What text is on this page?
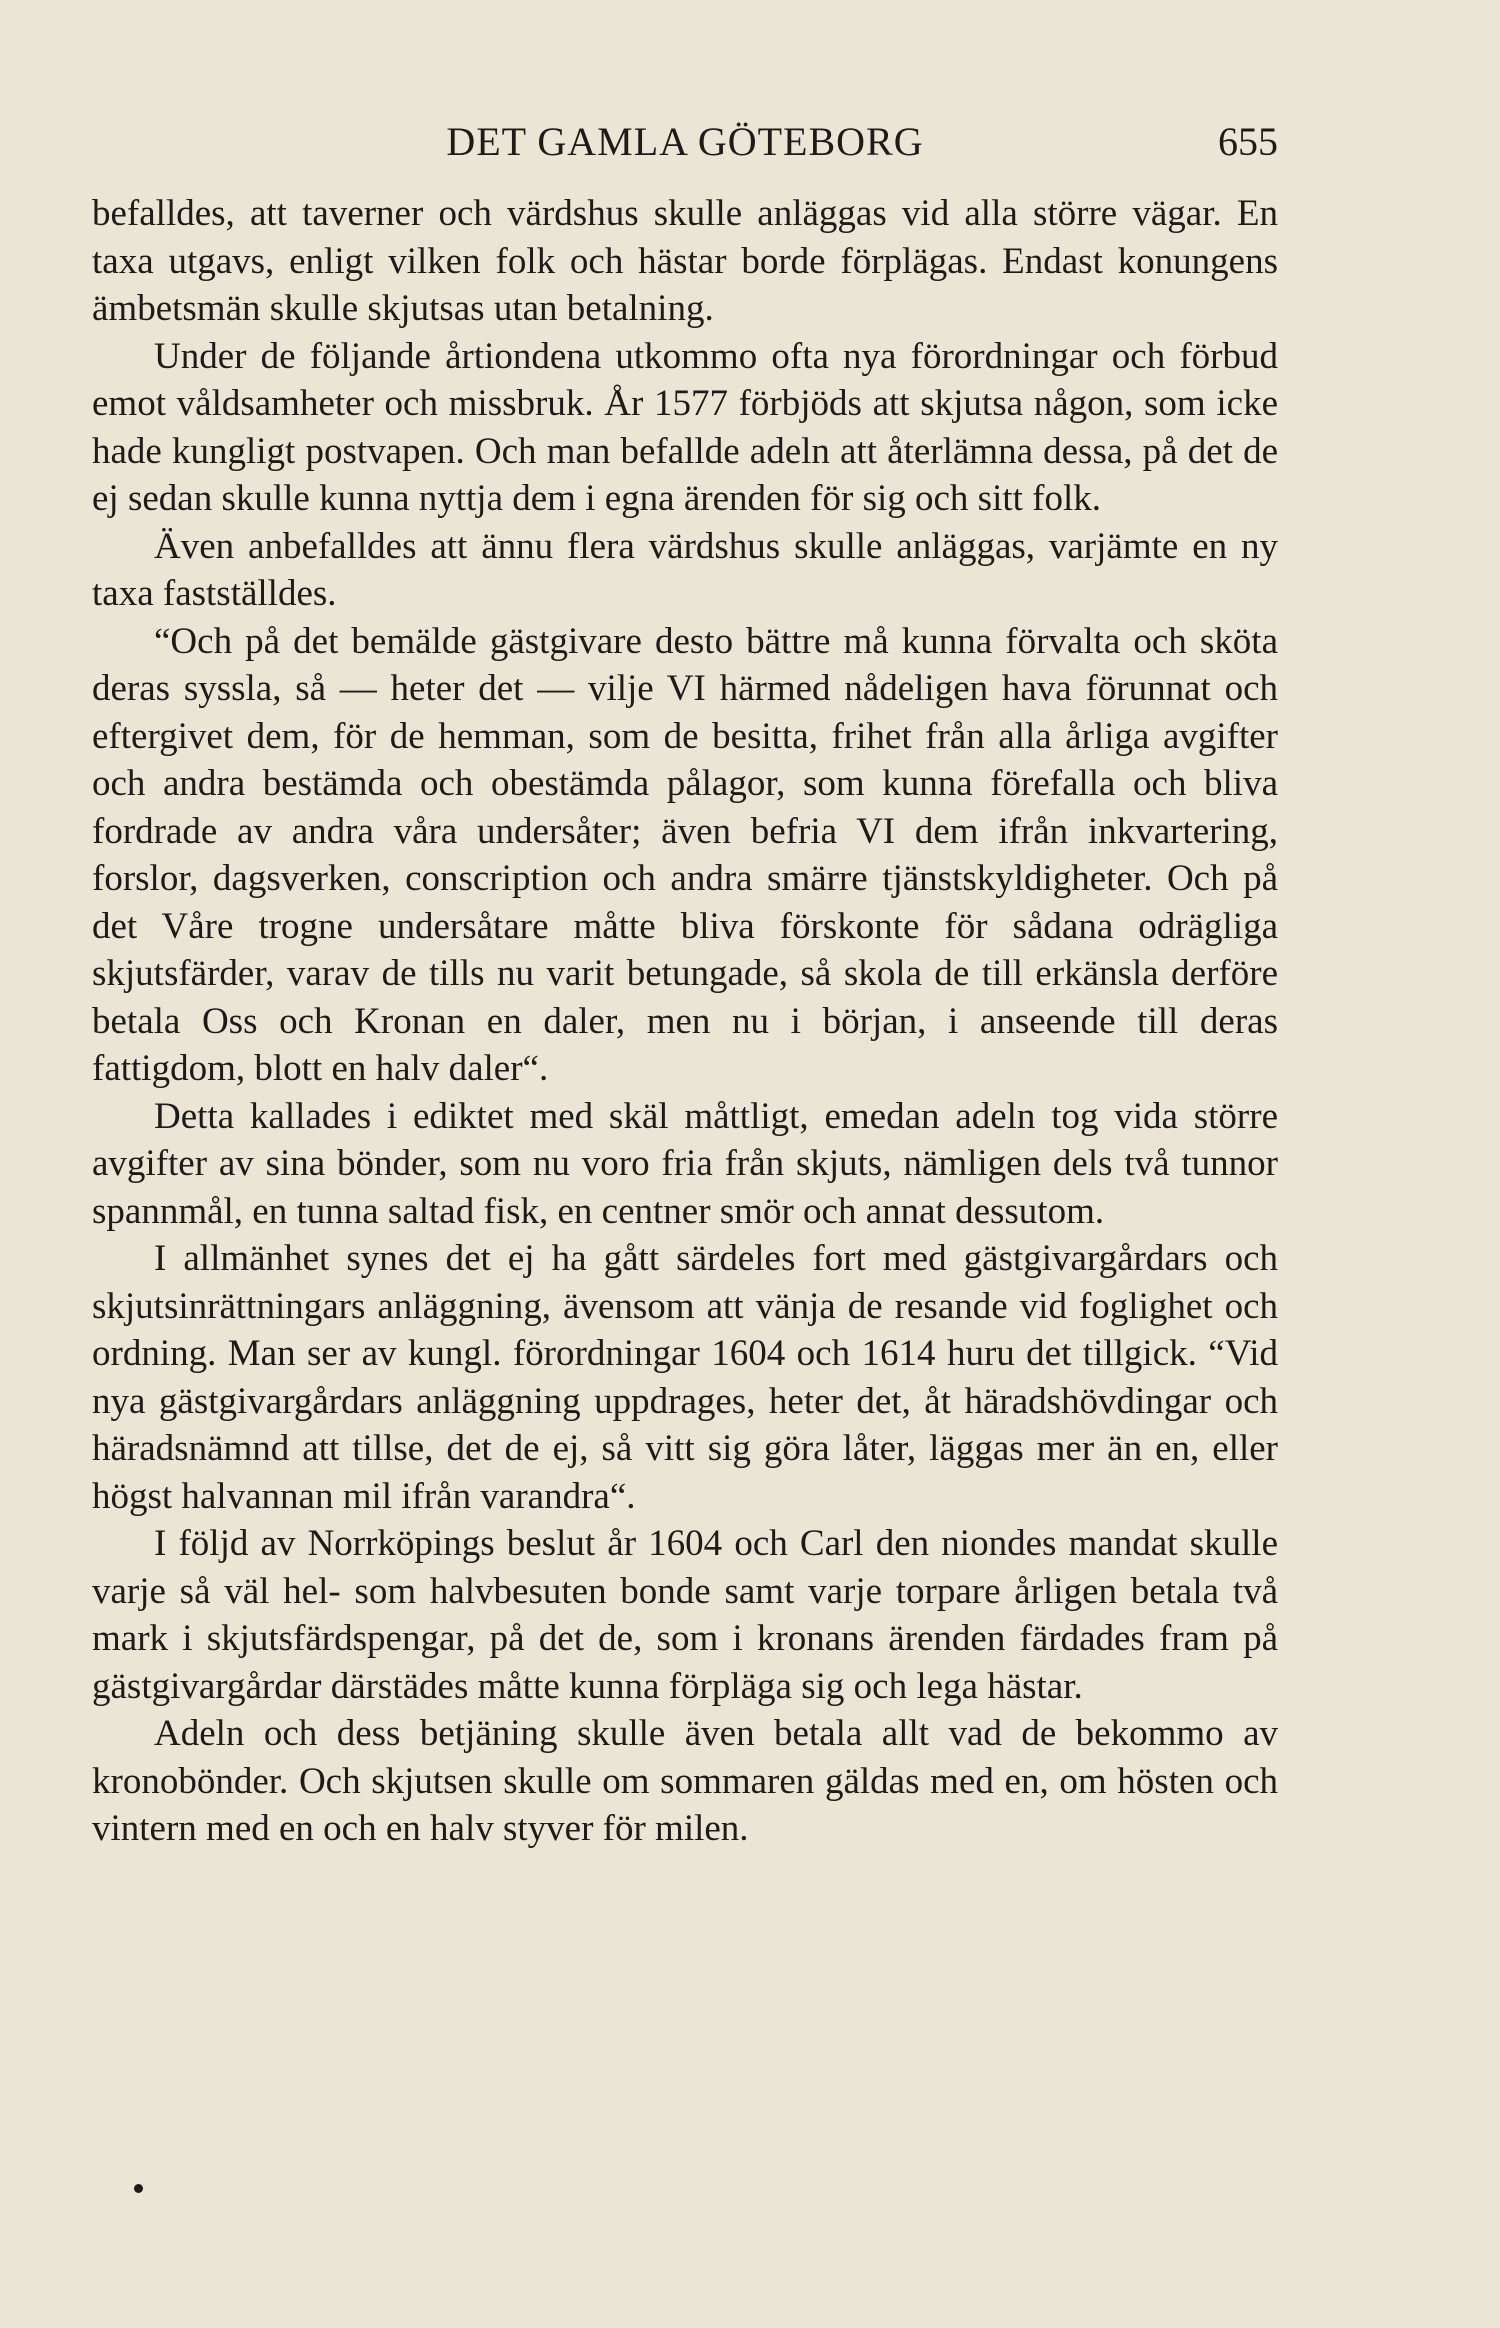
DET GAMLA GÖTEBORG	655

befalldes, att taverner och värdshus skulle anläggas vid alla större vägar. En taxa utgavs, enligt vilken folk och hästar borde förplägas. Endast konungens ämbetsmän skulle skjutsas utan betalning.

Under de följande årtiondena utkommo ofta nya förordningar och förbud emot våldsamheter och missbruk. År 1577 förbjöds att skjutsa någon, som icke hade kungligt postvapen. Och man befallde adeln att återlämna dessa, på det de ej sedan skulle kunna nyttja dem i egna ärenden för sig och sitt folk.

Även anbefalldes att ännu flera värdshus skulle anläggas, varjämte en ny taxa fastställdes.

“Och på det bemälde gästgivare desto bättre må kunna förvalta och sköta deras syssla, så — heter det — vilje VI härmed nådeligen hava förunnat och eftergivet dem, för de hemman, som de besitta, frihet från alla årliga avgifter och andra bestämda och obestämda pålagor, som kunna förefalla och bliva fordrade av andra våra undersåter; även befria VI dem ifrån inkvartering, forslor, dagsverken, conscription och andra smärre tjänstskyldigheter. Och på det Våre trogne undersåtare måtte bliva förskonte för sådana odrägliga skjutsfärder, varav de tills nu varit betungade, så skola de till erkänsla derföre betala Oss och Kronan en daler, men nu i början, i anseende till deras fattigdom, blott en halv daler“.

Detta kallades i ediktet med skäl måttligt, emedan adeln tog vida större avgifter av sina bönder, som nu voro fria från skjuts, nämligen dels två tunnor spannmål, en tunna saltad fisk, en centner smör och annat dessutom.

I allmänhet synes det ej ha gått särdeles fort med gästgivargårdars och skjutsinrättningars anläggning, ävensom att vänja de resande vid foglighet och ordning. Man ser av kungl. förordningar 1604 och 1614 huru det tillgick. “Vid nya gästgivargårdars anläggning uppdrages, heter det, åt häradshövdingar och häradsnämnd att tillse, det de ej, så vitt sig göra låter, läggas mer än en, eller högst halvannan mil ifrån varandra“.

I följd av Norrköpings beslut år 1604 och Carl den niondes mandat skulle varje så väl hel- som halvbesuten bonde samt varje torpare årligen betala två mark i skjutsfärdspengar, på det de, som i kronans ärenden färdades fram på gästgivargårdar därstädes måtte kunna förpläga sig och lega hästar.

Adeln och dess betjäning skulle även betala allt vad de bekommo av kronobönder. Och skjutsen skulle om sommaren gäldas med en, om hösten och vintern med en och en halv styver för milen.
